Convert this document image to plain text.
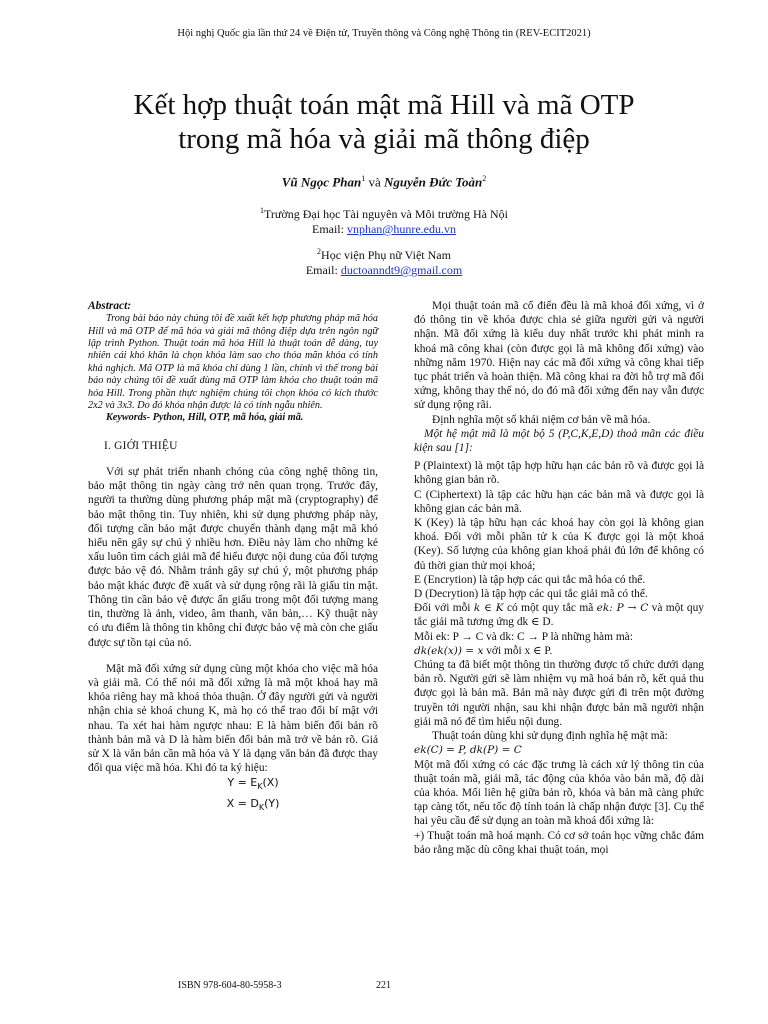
Hội nghị Quốc gia lần thứ 24 về Điện tử, Truyền thông và Công nghệ Thông tin (REV-ECIT2021)
Kết hợp thuật toán mật mã Hill và mã OTP
trong mã hóa và giải mã thông điệp
Vũ Ngọc Phan$^1$ và Nguyễn Đức Toàn$^2$
$^1$Trường Đại học Tài nguyên và Môi trường Hà Nội
Email: vnphan@hunre.edu.vn
$^2$Học viện Phụ nữ Việt Nam
Email: ductoanndt9@gmail.com

Abstract:

Trong bài báo này chúng tôi đề xuất kết hợp phương pháp mã hóa Hill và mã OTP để mã hóa và giải mã thông điệp dựa trên ngôn ngữ lập trình Python. Thuật toán mã hóa Hill là thuật toán dễ dàng, tuy nhiên cái khó khăn là chọn khóa làm sao cho thỏa mãn khóa có tính khả nghịch. Mã OTP là mã khóa chỉ dùng 1 lần, chính vì thế trong bài báo này chúng tôi đề xuất dùng mã OTP làm khóa cho thuật toán mã hóa Hill. Trong phần thực nghiệm chúng tôi chọn khóa có kích thước 2x2 và 3x3. Do đó khóa nhận được là có tính ngẫu nhiên.

Keywords- Python, Hill, OTP, mã hóa, giải mã.

I. GIỚI THIỆU

Với sự phát triển nhanh chóng của công nghệ thông tin, bảo mật thông tin ngày càng trở nên quan trọng. Trước đây, người ta thường dùng phương pháp mật mã (cryptography) để bảo mật thông tin. Tuy nhiên, khi sử dụng phương pháp này, đối tượng cần bảo mật được chuyển thành dạng mật mã khó hiểu nên gây sự chú ý nhiều hơn. Điều này làm cho những kẻ xấu luôn tìm cách giải mã để hiểu được nội dung của đối tượng được bảo vệ đó. Nhằm tránh gây sự chú ý, một phương pháp bảo mật khác được đề xuất và sử dụng rộng rãi là giấu tin mật. Thông tin cần bảo vệ được ẩn giấu trong một đối tượng mang tin, thường là ảnh, video, âm thanh, văn bản,… Kỹ thuật này có ưu điểm là thông tin không chỉ được bảo vệ mà còn che giấu được sự tồn tại của nó.

Mật mã đối xứng sử dụng cùng một khóa cho việc mã hóa và giải mã. Có thể nói mã đối xứng là mã một khoá hay mã khóa riêng hay mã khoá thỏa thuận. Ở đây người gửi và người nhận chia sẻ khoá chung K, mà họ có thể trao đổi bí mật với nhau. Ta xét hai hàm ngược nhau: E là hàm biến đổi bản rõ thành bản mã và D là hàm biến đổi bản mã trở về bản rõ. Giả sử X là văn bản cần mã hóa và Y là dạng văn bản đã được thay đổi qua việc mã hóa. Khi đó ta ký hiệu:

$Y = E_K(X)$

$X = D_K(Y)$

Mọi thuật toán mã cổ điển đều là mã khoá đối xứng, vì ở đó thông tin về khóa được chia sẻ giữa người gửi và người nhận. Mã đối xứng là kiểu duy nhất trước khi phát minh ra khoá mã công khai (còn được gọi là mã không đối xứng) vào những năm 1970. Hiện nay các mã đối xứng và công khai tiếp tục phát triển và hoàn thiện. Mã công khai ra đời hỗ trợ mã đối xứng, không thay thế nó, do đó mã đối xứng đến nay vẫn được sử dụng rộng rãi.

Định nghĩa một số khái niệm cơ bản về mã hóa.

Một hệ mật mã là một bộ 5 (P,C,K,E,D) thoả mãn các điều kiện sau [1]:

P (Plaintext) là một tập hợp hữu hạn các bản rõ và được gọi là không gian bản rõ.

C (Ciphertext) là tập các hữu hạn các bản mã và được gọi là không gian các bản mã.

K (Key) là tập hữu hạn các khoá hay còn gọi là không gian khoá. Đối với mỗi phần tử k của K được gọi là một khoá (Key). Số lượng của không gian khoá phải đủ lớn để không có đủ thời gian thử mọi khoá;

E (Encrytion) là tập hợp các qui tắc mã hóa có thể.

D (Decrytion) là tập hợp các qui tắc giải mã có thể.

Đối với mỗi k ∈ K có một quy tắc mã ek: P → C và một quy tắc giải mã tương ứng dk ∈ D.

Mỗi ek: P → C và dk: C → P là những hàm mà:

dk(ek(x)) = x với mỗi x ∈ P.

Chúng ta đã biết một thông tin thường được tổ chức dưới dạng bản rõ. Người gửi sẽ làm nhiệm vụ mã hoá bản rõ, kết quả thu được gọi là bản mã. Bản mã này được gửi đi trên một đường truyền tới người nhận, sau khi nhận được bản mã người nhận giải mã nó để tìm hiểu nội dung.

Thuật toán dùng khi sử dụng định nghĩa hệ mật mã:

ek(C) = P, dk(P) = C

Một mã đối xứng có các đặc trưng là cách xử lý thông tin của thuật toán mã, giải mã, tác động của khóa vào bản mã, độ dài của khóa. Mối liên hệ giữa bản rõ, khóa và bản mã càng phức tạp càng tốt, nếu tốc độ tính toán là chấp nhận được [3]. Cụ thể hai yêu cầu để sử dụng an toàn mã khoá đối xứng là:

+) Thuật toán mã hoá mạnh. Có cơ sở toán học vững chắc đảm bảo rằng mặc dù công khai thuật toán, mọi

ISBN 978-604-80-5958-3	221
